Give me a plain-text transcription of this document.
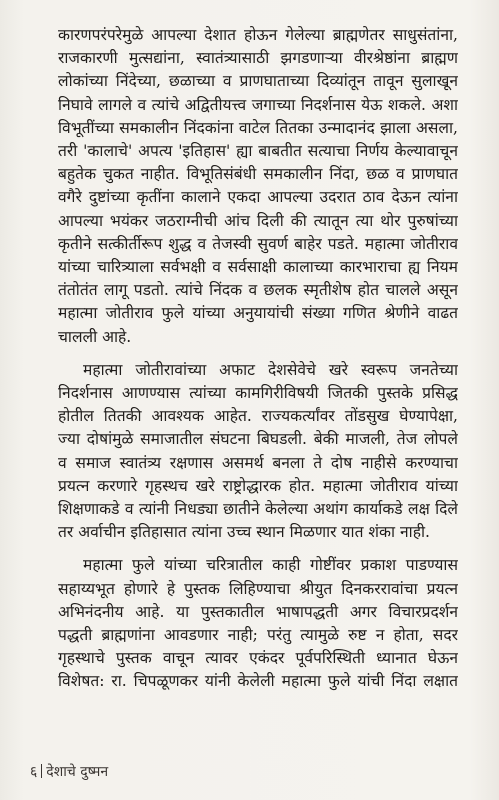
कारणपरंपरेमुळे आपल्या देशात होऊन गेलेल्या ब्राह्मणेतर साधुसंतांना,
राजकारणी मुत्सद्यांना, स्वातंत्र्यासाठी झगडणाऱ्या वीरश्रेष्ठांना ब्राह्मण
लोकांच्या निंदेच्या, छळाच्या व प्राणघाताच्या दिव्यांतून तावून सुलाखून
निघावे लागले व त्यांचे अद्वितीयत्त्व जगाच्या निदर्शनास येऊ शकले. अशा
विभूतींच्या समकालीन निंदकांना वाटेल तितका उन्मादानंद झाला असला,
तरी 'कालाचे' अपत्य 'इतिहास' ह्या बाबतीत सत्याचा निर्णय केल्यावाचून
बहुतेक चुकत नाहीत. विभूतिसंबंधी समकालीन निंदा, छळ व प्राणघात
वगैरे दुष्टांच्या कृतींना कालाने एकदा आपल्या उदरात ठाव देऊन त्यांना
आपल्या भयंकर जठराग्नीची आंच दिली की त्यातून त्या थोर पुरुषांच्या
कृतीने सत्कीर्तीरूप शुद्ध व तेजस्वी सुवर्ण बाहेर पडते. महात्मा जोतीराव
यांच्या चारित्र्याला सर्वभक्षी व सर्वसाक्षी कालाच्या कारभाराचा ह्य नियम
तंतोतंत लागू पडतो. त्यांचे निंदक व छलक स्मृतीशेष होत चालले असून
महात्मा जोतीराव फुले यांच्या अनुयायांची संख्या गणित श्रेणीने वाढत
चालली आहे.
महात्मा जोतीरावांच्या अफाट देशसेवेचे खरे स्वरूप जनतेच्या
निदर्शनास आणण्यास त्यांच्या कामगिरीविषयी जितकी पुस्तके प्रसिद्ध
होतील तितकी आवश्यक आहेत. राज्यकर्त्यांवर तोंडसुख घेण्यापेक्षा,
ज्या दोषांमुळे समाजातील संघटना बिघडली. बेकी माजली, तेज लोपले
व समाज स्वातंत्र्य रक्षणास असमर्थ बनला ते दोष नाहीसे करण्याचा
प्रयत्न करणारे गृहस्थच खरे राष्ट्रोद्धारक होत. महात्मा जोतीराव यांच्या
शिक्षणाकडे व त्यांनी निधड्या छातीने केलेल्या अथांग कार्याकडे लक्ष दिले
तर अर्वाचीन इतिहासात त्यांना उच्च स्थान मिळणार यात शंका नाही.
महात्मा फुले यांच्या चरित्रातील काही गोष्टींवर प्रकाश पाडण्यास
सहाय्यभूत होणारे हे पुस्तक लिहिण्याचा श्रीयुत दिनकररावांचा प्रयत्न
अभिनंदनीय आहे. या पुस्तकातील भाषापद्धती अगर विचारप्रदर्शन
पद्धती ब्राह्मणांना आवडणार नाही; परंतु त्यामुळे रुष्ट न होता, सदर
गृहस्थाचे पुस्तक वाचून त्यावर एकंदर पूर्वपरिस्थिती ध्यानात घेऊन
विशेषत: रा. चिपळूणकर यांनी केलेली महात्मा फुले यांची निंदा लक्षात
६ देशाचे दुष्मन
